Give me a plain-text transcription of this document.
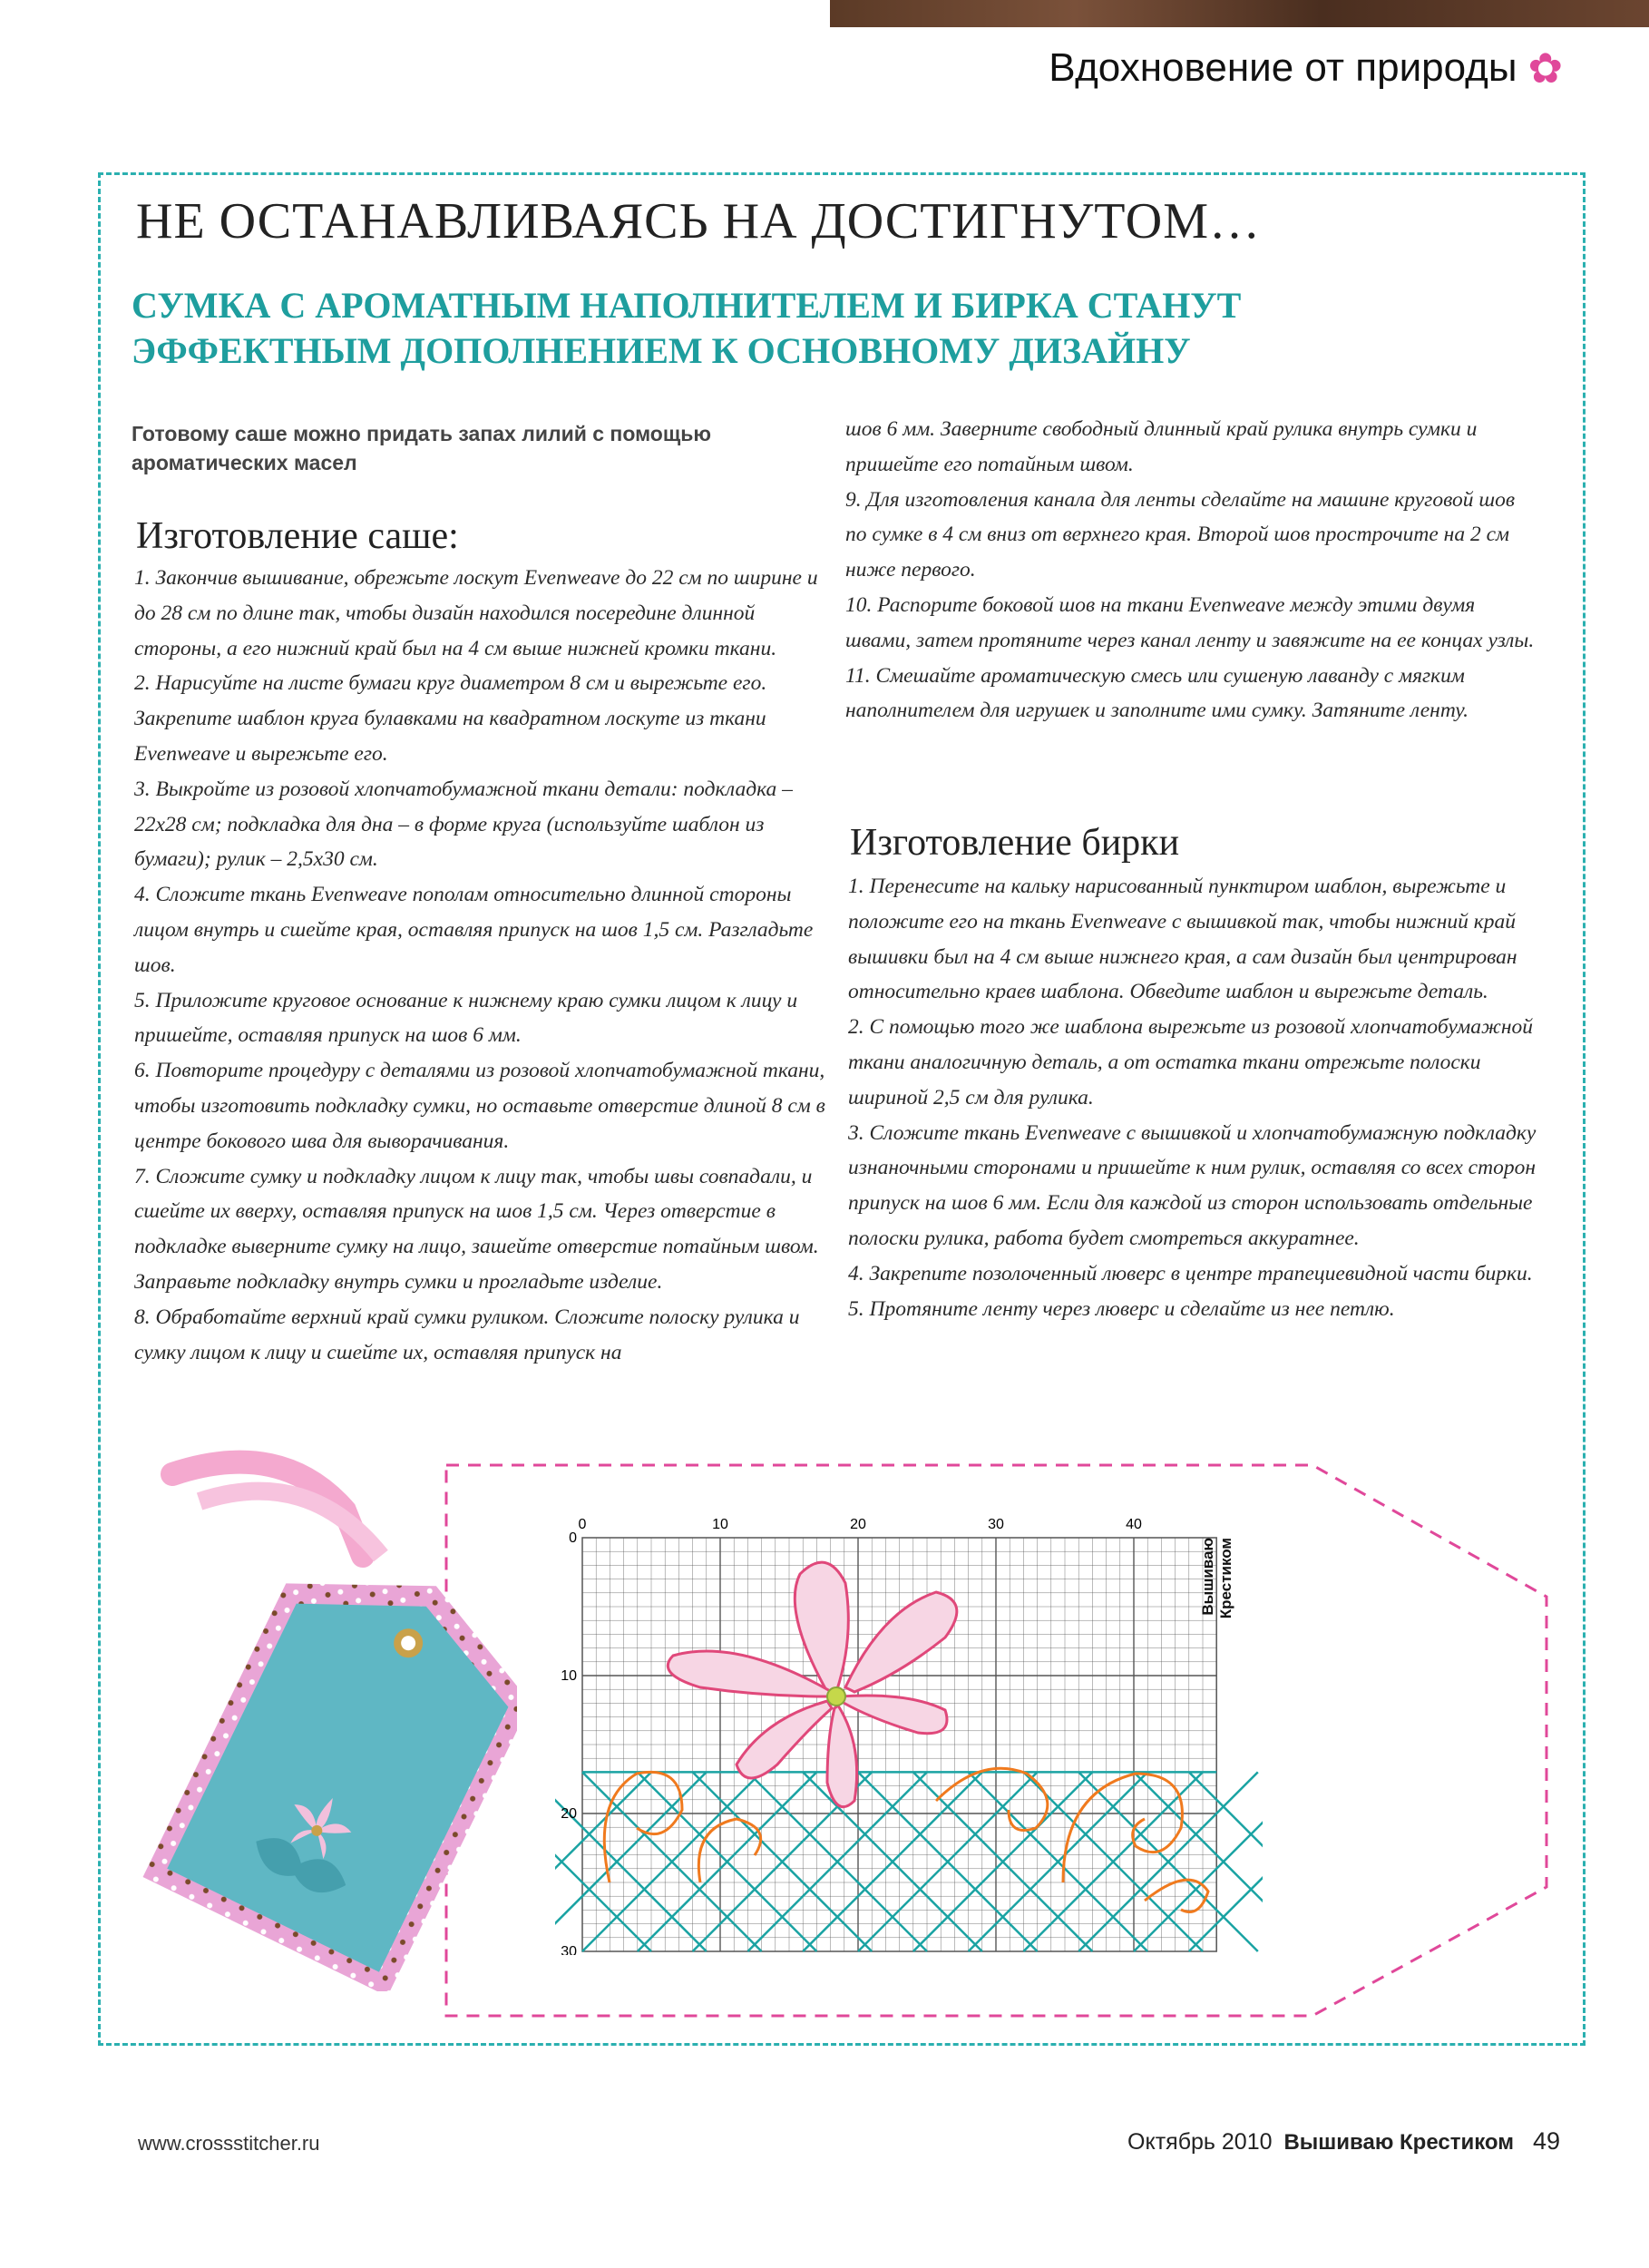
Вдохновение от природы ✿
НЕ ОСТАНАВЛИВАЯСЬ НА ДОСТИГНУТОМ…
СУМКА С АРОМАТНЫМ НАПОЛНИТЕЛЕМ И БИРКА СТАНУТ
ЭФФЕКТНЫМ ДОПОЛНЕНИЕМ К ОСНОВНОМУ ДИЗАЙНУ
Готовому саше можно придать запах лилий с помощью ароматических масел
Изготовление саше:

1. Закончив вышивание, обрежьте лоскут Evenweave до 22 см по ширине и до 28 см по длине так, чтобы дизайн находился посередине длинной стороны, а его нижний край был на 4 см выше нижней кромки ткани.

2. Нарисуйте на листе бумаги круг диаметром 8 см и вырежьте его. Закрепите шаблон круга булавками на квадратном лоскуте из ткани Evenweave и вырежьте его.

3. Выкройте из розовой хлопчатобумажной ткани детали: подкладка – 22х28 см; подкладка для дна – в форме круга (используйте шаблон из бумаги); рулик – 2,5х30 см.

4. Сложите ткань Evenweave пополам относительно длинной стороны лицом внутрь и сшейте края, оставляя припуск на шов 1,5 см. Разгладьте шов.

5. Приложите круговое основание к нижнему краю сумки лицом к лицу и пришейте, оставляя припуск на шов 6 мм.

6. Повторите процедуру с деталями из розовой хлопчатобумажной ткани, чтобы изготовить подкладку сумки, но оставьте отверстие длиной 8 см в центре бокового шва для выворачивания.

7. Сложите сумку и подкладку лицом к лицу так, чтобы швы совпадали, и сшейте их вверху, оставляя припуск на шов 1,5 см. Через отверстие в подкладке выверните сумку на лицо, зашейте отверстие потайным швом. Заправьте подкладку внутрь сумки и прогладьте изделие.

8. Обработайте верхний край сумки руликом. Сложите полоску рулика и сумку лицом к лицу и сшейте их, оставляя припуск на

шов 6 мм. Заверните свободный длинный край рулика внутрь сумки и пришейте его потайным швом.

9. Для изготовления канала для ленты сделайте на машине круговой шов по сумке в 4 см вниз от верхнего края. Второй шов прострочите на 2 см ниже первого.

10. Распорите боковой шов на ткани Evenweave между этими двумя швами, затем протяните через канал ленту и завяжите на ее концах узлы.

11. Смешайте ароматическую смесь или сушеную лаванду с мягким наполнителем для игрушек и заполните ими сумку. Затяните ленту.

Изготовление бирки

1. Перенесите на кальку нарисованный пунктиром шаблон, вырежьте и положите его на ткань Evenweave с вышивкой так, чтобы нижний край вышивки был на 4 см выше нижнего края, а сам дизайн был центрирован относительно краев шаблона. Обведите шаблон и вырежьте деталь.

2. С помощью того же шаблона вырежьте из розовой хлопчатобумажной ткани аналогичную деталь, а от остатка ткани отрежьте полоски шириной 2,5 см для рулика.

3. Сложите ткань Evenweave с вышивкой и хлопчатобумажную подкладку изнаночными сторонами и пришейте к ним рулик, оставляя со всех сторон припуск на шов 6 мм. Если для каждой из сторон использовать отдельные полоски рулика, работа будет смотреться аккуратнее.

4. Закрепите позолоченный люверс в центре трапециевидной части бирки.

5. Протяните ленту через люверс и сделайте из нее петлю.

0	10	20	30	40
0
10
20
30
Вышиваю Крестиком
www.crossstitcher.ru	Октябрь 2010 Вышиваю Крестиком 49
